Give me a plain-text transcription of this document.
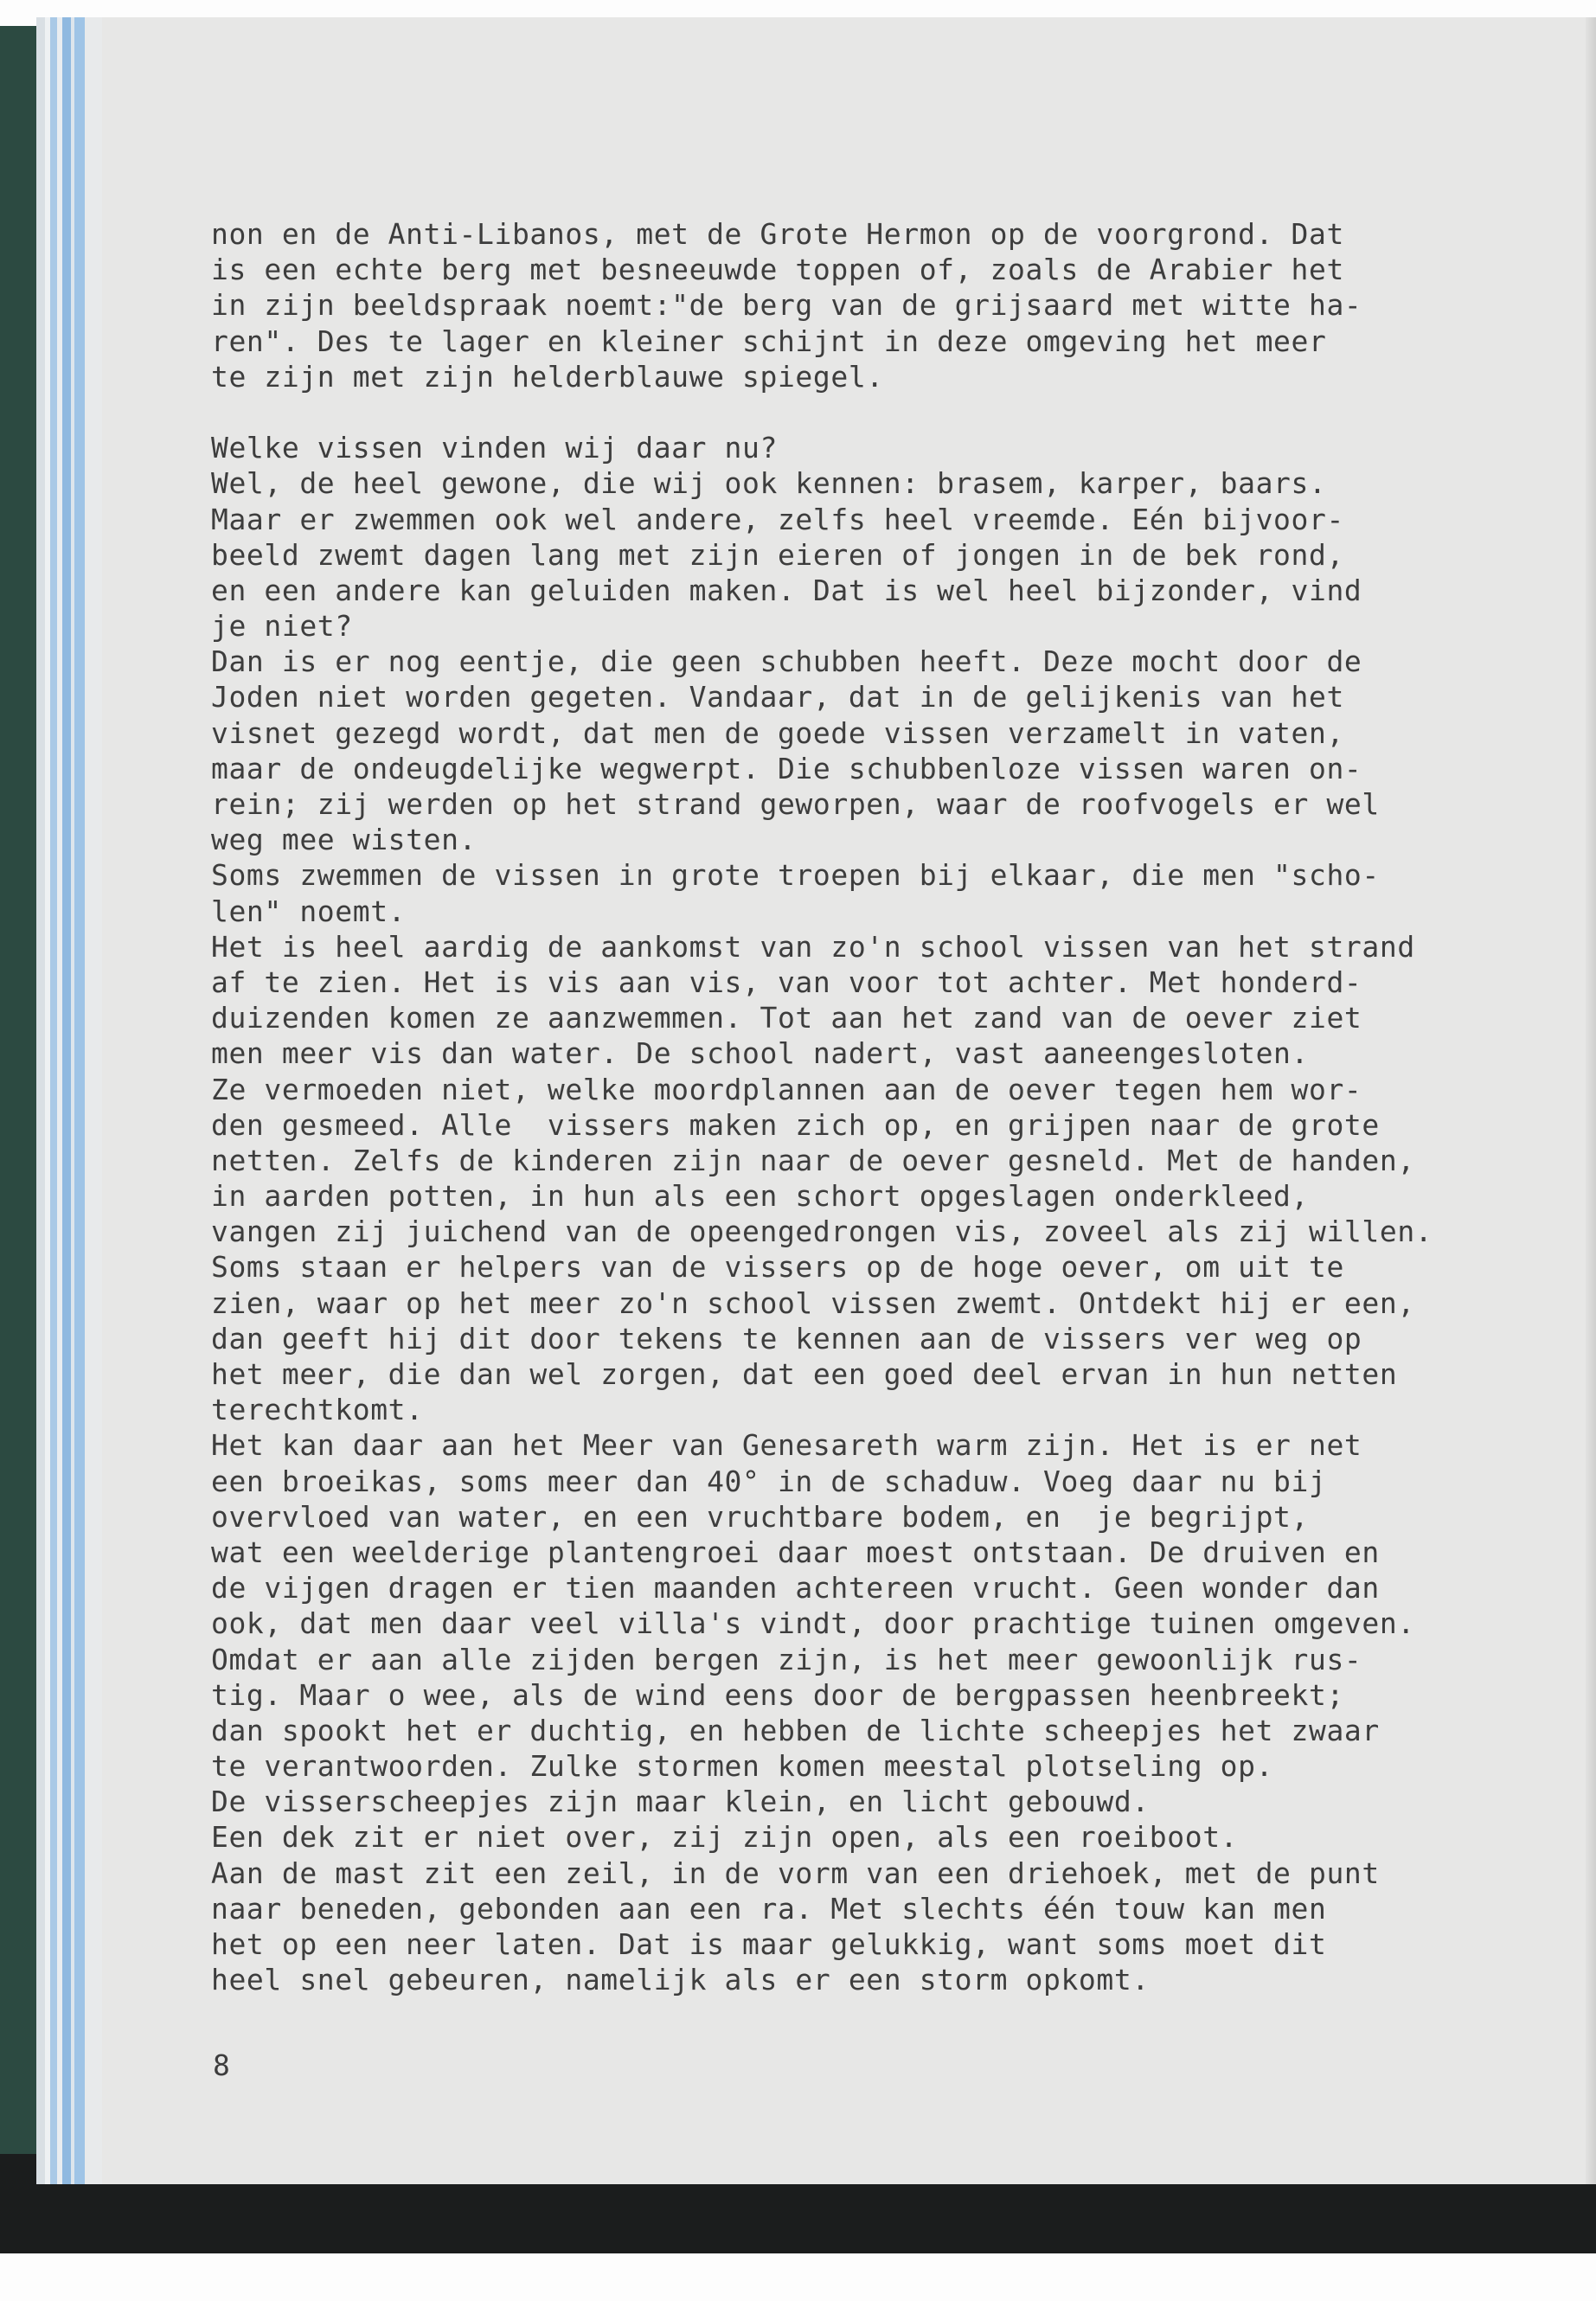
non en de Anti-Libanos, met de Grote Hermon op de voorgrond. Dat
is een echte berg met besneeuwde toppen of, zoals de Arabier het
in zijn beeldspraak noemt:"de berg van de grijsaard met witte ha-
ren". Des te lager en kleiner schijnt in deze omgeving het meer
te zijn met zijn helderblauwe spiegel.
Welke vissen vinden wij daar nu?
Wel, de heel gewone, die wij ook kennen: brasem, karper, baars.
Maar er zwemmen ook wel andere, zelfs heel vreemde. Eén bijvoor-
beeld zwemt dagen lang met zijn eieren of jongen in de bek rond,
en een andere kan geluiden maken. Dat is wel heel bijzonder, vind
je niet?
Dan is er nog eentje, die geen schubben heeft. Deze mocht door de
Joden niet worden gegeten. Vandaar, dat in de gelijkenis van het
visnet gezegd wordt, dat men de goede vissen verzamelt in vaten,
maar de ondeugdelijke wegwerpt. Die schubbenloze vissen waren on-
rein; zij werden op het strand geworpen, waar de roofvogels er wel
weg mee wisten.
Soms zwemmen de vissen in grote troepen bij elkaar, die men "scho-
len" noemt.
Het is heel aardig de aankomst van zo'n school vissen van het strand
af te zien. Het is vis aan vis, van voor tot achter. Met honderd-
duizenden komen ze aanzwemmen. Tot aan het zand van de oever ziet
men meer vis dan water. De school nadert, vast aaneengesloten.
Ze vermoeden niet, welke moordplannen aan de oever tegen hem wor-
den gesmeed. Alle  vissers maken zich op, en grijpen naar de grote
netten. Zelfs de kinderen zijn naar de oever gesneld. Met de handen,
in aarden potten, in hun als een schort opgeslagen onderkleed,
vangen zij juichend van de opeengedrongen vis, zoveel als zij willen.
Soms staan er helpers van de vissers op de hoge oever, om uit te
zien, waar op het meer zo'n school vissen zwemt. Ontdekt hij er een,
dan geeft hij dit door tekens te kennen aan de vissers ver weg op
het meer, die dan wel zorgen, dat een goed deel ervan in hun netten
terechtkomt.
Het kan daar aan het Meer van Genesareth warm zijn. Het is er net
een broeikas, soms meer dan 40° in de schaduw. Voeg daar nu bij
overvloed van water, en een vruchtbare bodem, en  je begrijpt,
wat een weelderige plantengroei daar moest ontstaan. De druiven en
de vijgen dragen er tien maanden achtereen vrucht. Geen wonder dan
ook, dat men daar veel villa's vindt, door prachtige tuinen omgeven.
Omdat er aan alle zijden bergen zijn, is het meer gewoonlijk rus-
tig. Maar o wee, als de wind eens door de bergpassen heenbreekt;
dan spookt het er duchtig, en hebben de lichte scheepjes het zwaar
te verantwoorden. Zulke stormen komen meestal plotseling op.
De visserscheepjes zijn maar klein, en licht gebouwd.
Een dek zit er niet over, zij zijn open, als een roeiboot.
Aan de mast zit een zeil, in de vorm van een driehoek, met de punt
naar beneden, gebonden aan een ra. Met slechts één touw kan men
het op een neer laten. Dat is maar gelukkig, want soms moet dit
heel snel gebeuren, namelijk als er een storm opkomt.
8
